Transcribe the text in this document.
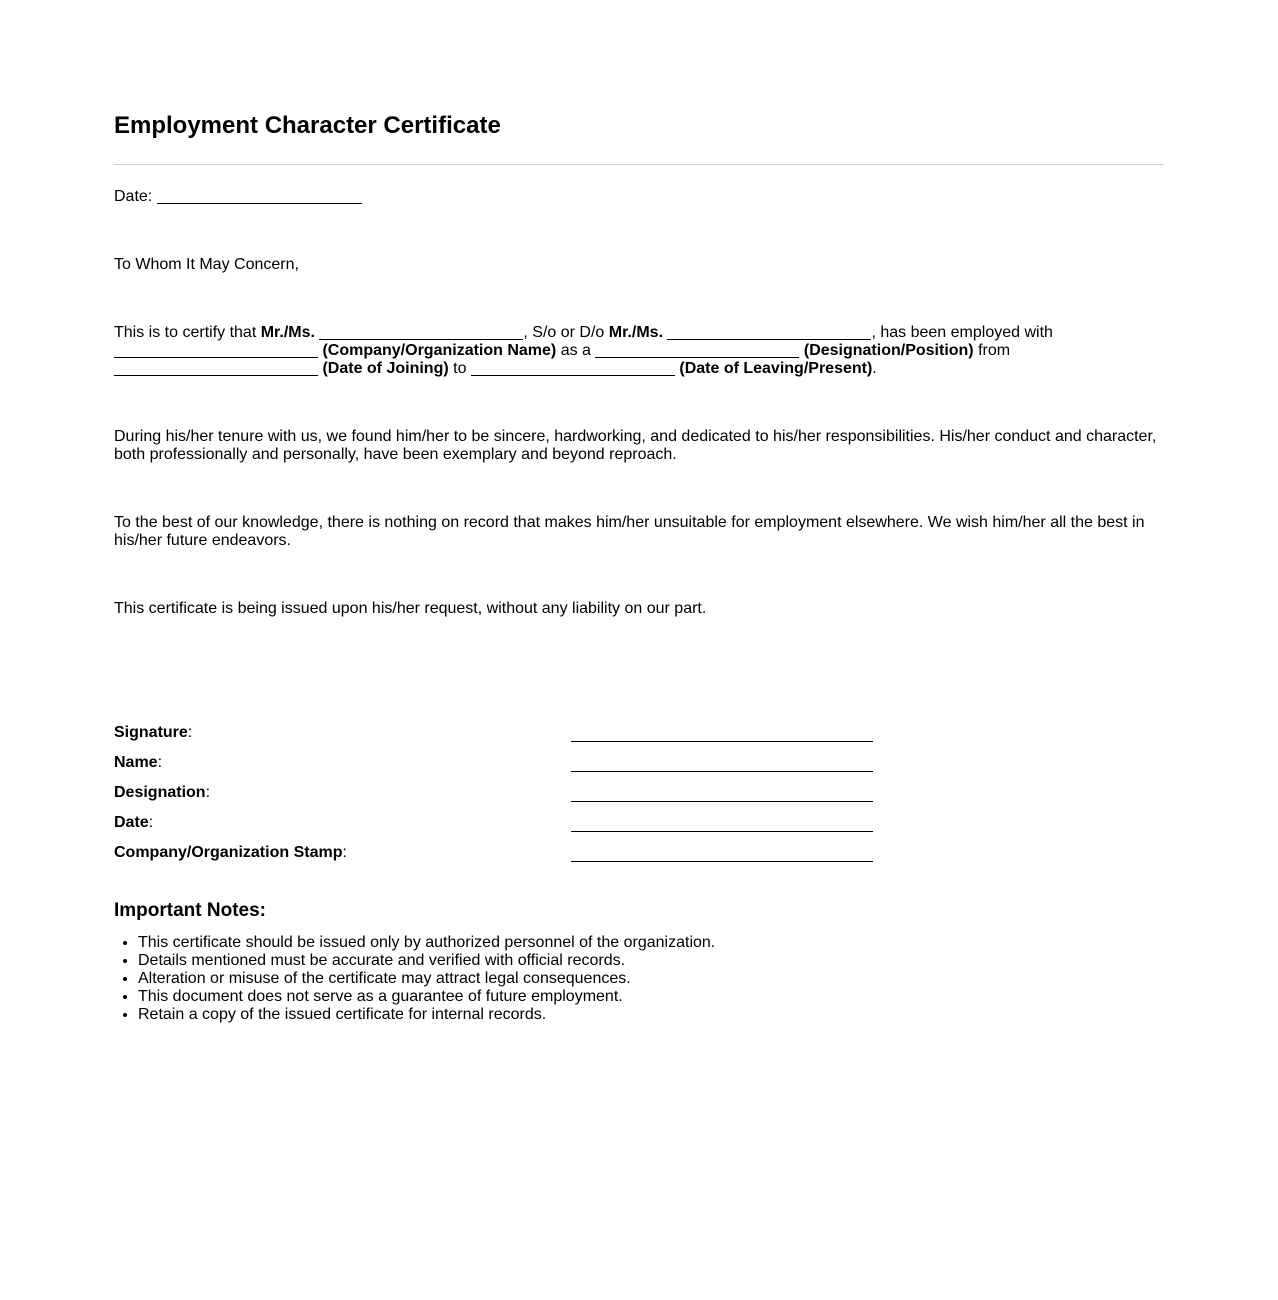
Employment Character Certificate

Date:

To Whom It May Concern,

This is to certify that Mr./Ms.	, S/o or D/o Mr./Ms.	, has been employed with
(Company/Organization Name) as a	(Designation/Position) from
(Date of Joining) to	(Date of Leaving/Present).

During his/her tenure with us, we found him/her to be sincere, hardworking, and dedicated to his/her responsibilities. His/her conduct and character, both professionally and personally, have been exemplary and beyond reproach.

To the best of our knowledge, there is nothing on record that makes him/her unsuitable for employment elsewhere. We wish him/her all the best in his/her future endeavors.

This certificate is being issued upon his/her request, without any liability on our part.

Signature:
Name:
Designation:
Date:
Company/Organization Stamp:
Important Notes:
• This certificate should be issued only by authorized personnel of the organization.
• Details mentioned must be accurate and verified with official records.
• Alteration or misuse of the certificate may attract legal consequences.
• This document does not serve as a guarantee of future employment.
• Retain a copy of the issued certificate for internal records.
